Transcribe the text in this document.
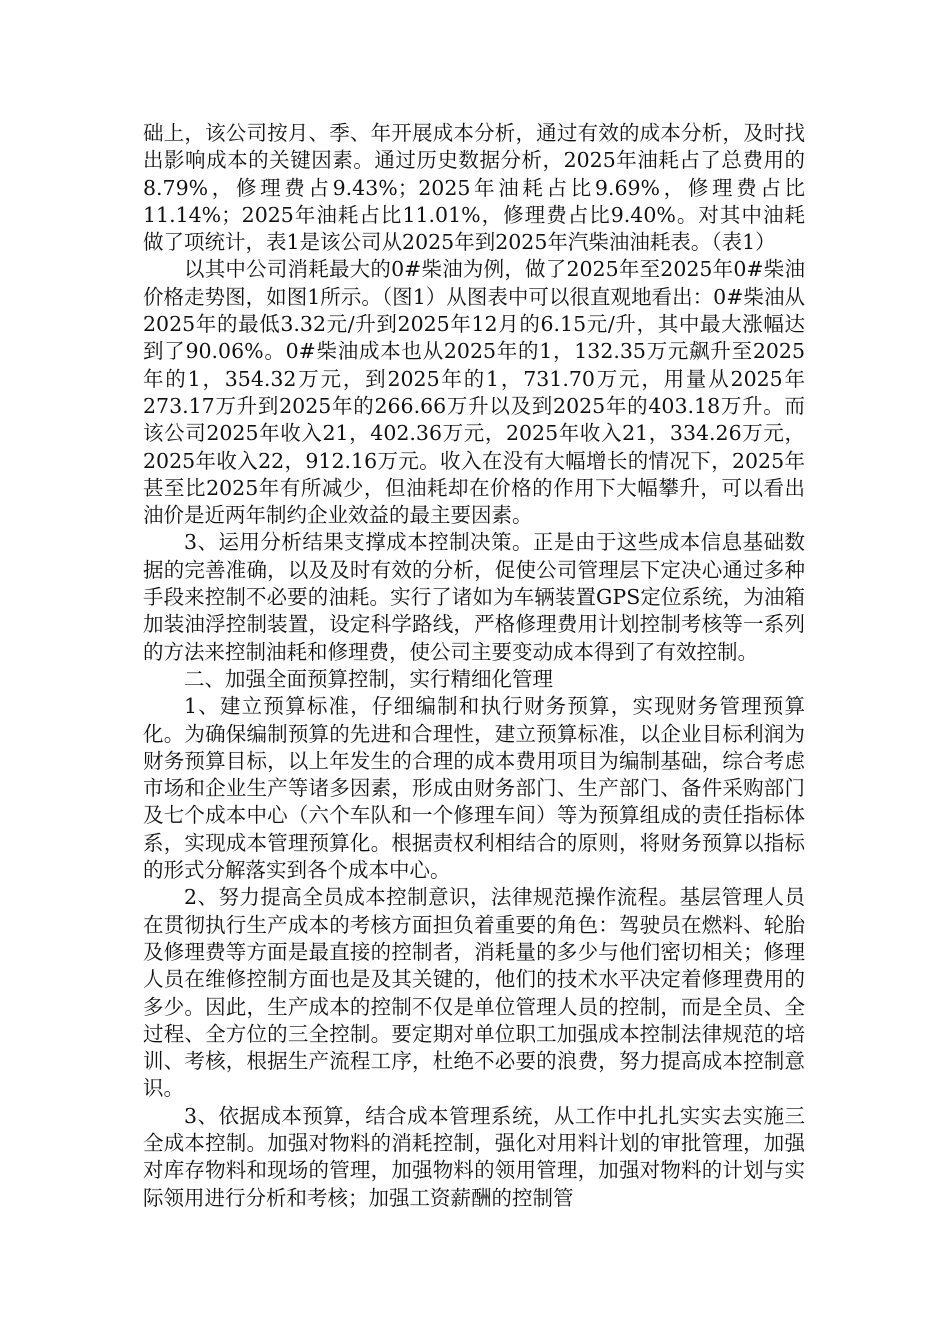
础上，该公司按月、季、年开展成本分析，通过有效的成本分析，及时找出影响成本的关键因素。通过历史数据分析，2025年油耗占了总费用的8.79%，修理费占9.43%；2025年油耗占比9.69%，修理费占比11.14%；2025年油耗占比11.01%，修理费占比9.40%。对其中油耗做了项统计，表1是该公司从2025年到2025年汽柴油油耗表。（表1）

以其中公司消耗最大的0#柴油为例，做了2025年至2025年0#柴油价格走势图，如图1所示。（图1）从图表中可以很直观地看出：0#柴油从2025年的最低3.32元/升到2025年12月的6.15元/升，其中最大涨幅达到了90.06%。0#柴油成本也从2025年的1，132.35万元飙升至2025年的1，354.32万元，到2025年的1，731.70万元，用量从2025年273.17万升到2025年的266.66万升以及到2025年的403.18万升。而该公司2025年收入21，402.36万元，2025年收入21，334.26万元，2025年收入22，912.16万元。收入在没有大幅增长的情况下，2025年甚至比2025年有所减少，但油耗却在价格的作用下大幅攀升，可以看出油价是近两年制约企业效益的最主要因素。

3、运用分析结果支撑成本控制决策。正是由于这些成本信息基础数据的完善准确，以及及时有效的分析，促使公司管理层下定决心通过多种手段来控制不必要的油耗。实行了诸如为车辆装置GPS定位系统，为油箱加装油浮控制装置，设定科学路线，严格修理费用计划控制考核等一系列的方法来控制油耗和修理费，使公司主要变动成本得到了有效控制。

二、加强全面预算控制，实行精细化管理

1、建立预算标准，仔细编制和执行财务预算，实现财务管理预算化。为确保编制预算的先进和合理性，建立预算标准，以企业目标利润为财务预算目标，以上年发生的合理的成本费用项目为编制基础，综合考虑市场和企业生产等诸多因素，形成由财务部门、生产部门、备件采购部门及七个成本中心（六个车队和一个修理车间）等为预算组成的责任指标体系，实现成本管理预算化。根据责权利相结合的原则，将财务预算以指标的形式分解落实到各个成本中心。

2、努力提高全员成本控制意识，法律规范操作流程。基层管理人员在贯彻执行生产成本的考核方面担负着重要的角色：驾驶员在燃料、轮胎及修理费等方面是最直接的控制者，消耗量的多少与他们密切相关；修理人员在维修控制方面也是及其关键的，他们的技术水平决定着修理费用的多少。因此，生产成本的控制不仅是单位管理人员的控制，而是全员、全过程、全方位的三全控制。要定期对单位职工加强成本控制法律规范的培训、考核，根据生产流程工序，杜绝不必要的浪费，努力提高成本控制意识。

3、依据成本预算，结合成本管理系统，从工作中扎扎实实去实施三全成本控制。加强对物料的消耗控制，强化对用料计划的审批管理，加强对库存物料和现场的管理，加强物料的领用管理，加强对物料的计划与实际领用进行分析和考核；加强工资薪酬的控制管
